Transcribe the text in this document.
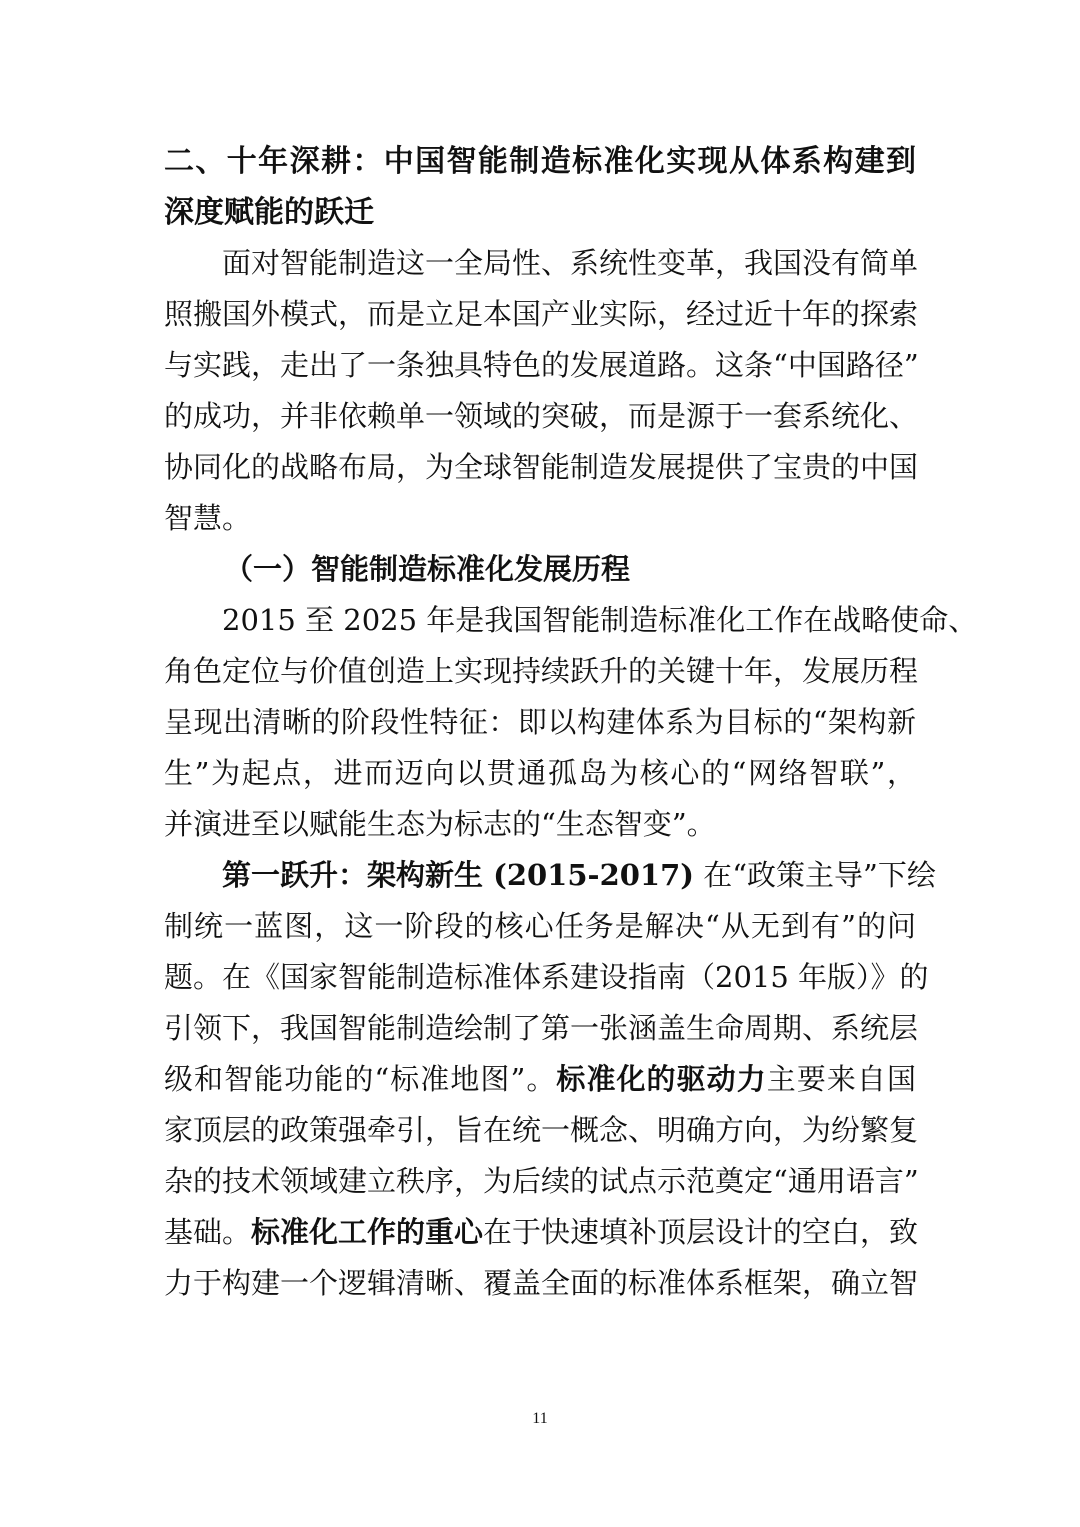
二、十年深耕：中国智能制造标准化实现从体系构建到
深度赋能的跃迁
面对智能制造这一全局性、系统性变革，我国没有简单
照搬国外模式，而是立足本国产业实际，经过近十年的探索
与实践，走出了一条独具特色的发展道路。这条“中国路径”
的成功，并非依赖单一领域的突破，而是源于一套系统化、
协同化的战略布局，为全球智能制造发展提供了宝贵的中国
智慧。
（一）智能制造标准化发展历程
2015 至 2025 年是我国智能制造标准化工作在战略使命、
角色定位与价值创造上实现持续跃升的关键十年，发展历程
呈现出清晰的阶段性特征：即以构建体系为目标的“架构新
生”为起点，进而迈向以贯通孤岛为核心的“网络智联”，
并演进至以赋能生态为标志的“生态智变”。
第一跃升：架构新生 (2015-2017) 在“政策主导”下绘
制统一蓝图，这一阶段的核心任务是解决“从无到有”的问
题。在《国家智能制造标准体系建设指南（2015 年版）》的
引领下，我国智能制造绘制了第一张涵盖生命周期、系统层
级和智能功能的“标准地图”。标准化的驱动力主要来自国
家顶层的政策强牵引，旨在统一概念、明确方向，为纷繁复
杂的技术领域建立秩序，为后续的试点示范奠定“通用语言”
基础。标准化工作的重心在于快速填补顶层设计的空白，致
力于构建一个逻辑清晰、覆盖全面的标准体系框架，确立智
11
